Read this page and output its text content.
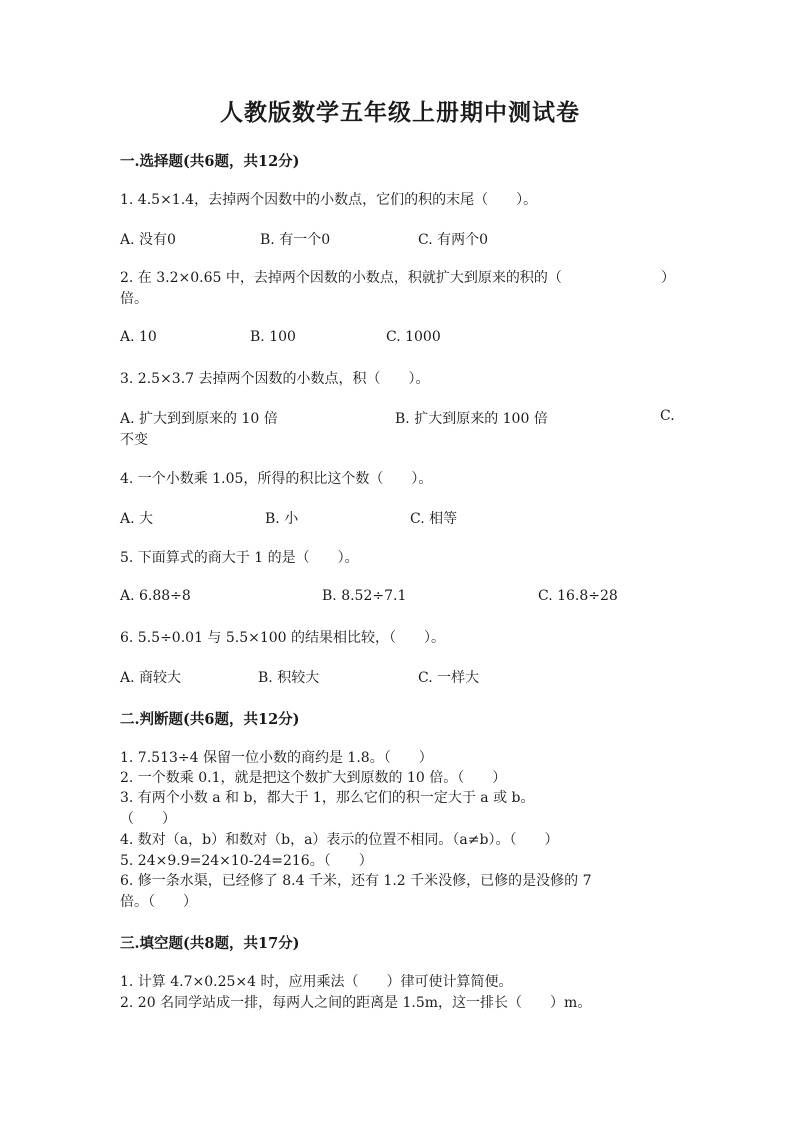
人教版数学五年级上册期中测试卷
一.选择题(共6题，共12分)
1. 4.5×1.4，去掉两个因数中的小数点，它们的积的末尾（　　）。
A. 没有0	B. 有一个0	C. 有两个0
2. 在 3.2×0.65 中，去掉两个因数的小数点，积就扩大到原来的积的（	）
倍。
A. 10	B. 100	C. 1000
3. 2.5×3.7 去掉两个因数的小数点，积（　　）。
A. 扩大到到原来的 10 倍	B. 扩大到原来的 100 倍	C.
不变
4. 一个小数乘 1.05，所得的积比这个数（　　）。
A. 大	B. 小	C. 相等
5. 下面算式的商大于 1 的是（　　）。
A. 6.88÷8	B. 8.52÷7.1	C. 16.8÷28
6. 5.5÷0.01 与 5.5×100 的结果相比较，（　　）。
A. 商较大	B. 积较大	C. 一样大
二.判断题(共6题，共12分)
1. 7.513÷4 保留一位小数的商约是 1.8。（　　）
2. 一个数乘 0.1，就是把这个数扩大到原数的 10 倍。（　　）
3. 有两个小数 a 和 b，都大于 1，那么它们的积一定大于 a 或 b。
（　　）
4. 数对（a，b）和数对（b，a）表示的位置不相同。（a≠b）。（　　）
5. 24×9.9=24×10-24=216。（　　）
6. 修一条水渠，已经修了 8.4 千米，还有 1.2 千米没修，已修的是没修的 7
倍。（　　）
三.填空题(共8题，共17分)
1. 计算 4.7×0.25×4 时，应用乘法（　　）律可使计算简便。
2. 20 名同学站成一排，每两人之间的距离是 1.5m，这一排长（　　）m。
